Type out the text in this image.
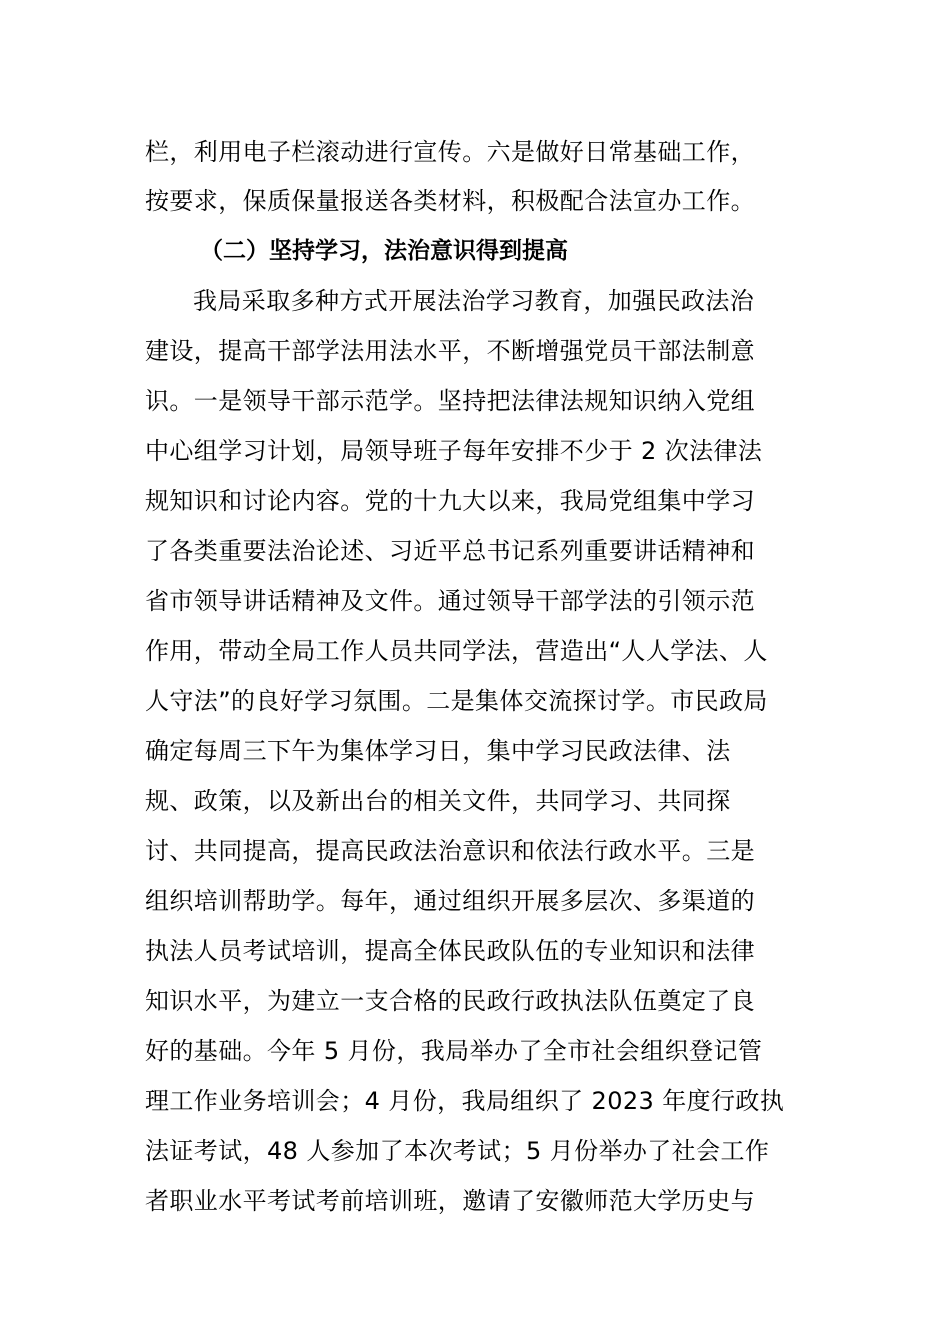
栏，利用电子栏滚动进行宣传。六是做好日常基础工作，
按要求，保质保量报送各类材料，积极配合法宣办工作。
（二）坚持学习，法治意识得到提高
我局采取多种方式开展法治学习教育，加强民政法治
建设，提高干部学法用法水平，不断增强党员干部法制意
识。一是领导干部示范学。坚持把法律法规知识纳入党组
中心组学习计划，局领导班子每年安排不少于 2 次法律法
规知识和讨论内容。党的十九大以来，我局党组集中学习
了各类重要法治论述、习近平总书记系列重要讲话精神和
省市领导讲话精神及文件。通过领导干部学法的引领示范
作用，带动全局工作人员共同学法，营造出“人人学法、人
人守法”的良好学习氛围。二是集体交流探讨学。市民政局
确定每周三下午为集体学习日，集中学习民政法律、法
规、政策，以及新出台的相关文件，共同学习、共同探
讨、共同提高，提高民政法治意识和依法行政水平。三是
组织培训帮助学。每年，通过组织开展多层次、多渠道的
执法人员考试培训，提高全体民政队伍的专业知识和法律
知识水平，为建立一支合格的民政行政执法队伍奠定了良
好的基础。今年 5 月份，我局举办了全市社会组织登记管
理工作业务培训会；4 月份，我局组织了 2023 年度行政执
法证考试，48 人参加了本次考试；5 月份举办了社会工作
者职业水平考试考前培训班，邀请了安徽师范大学历史与
